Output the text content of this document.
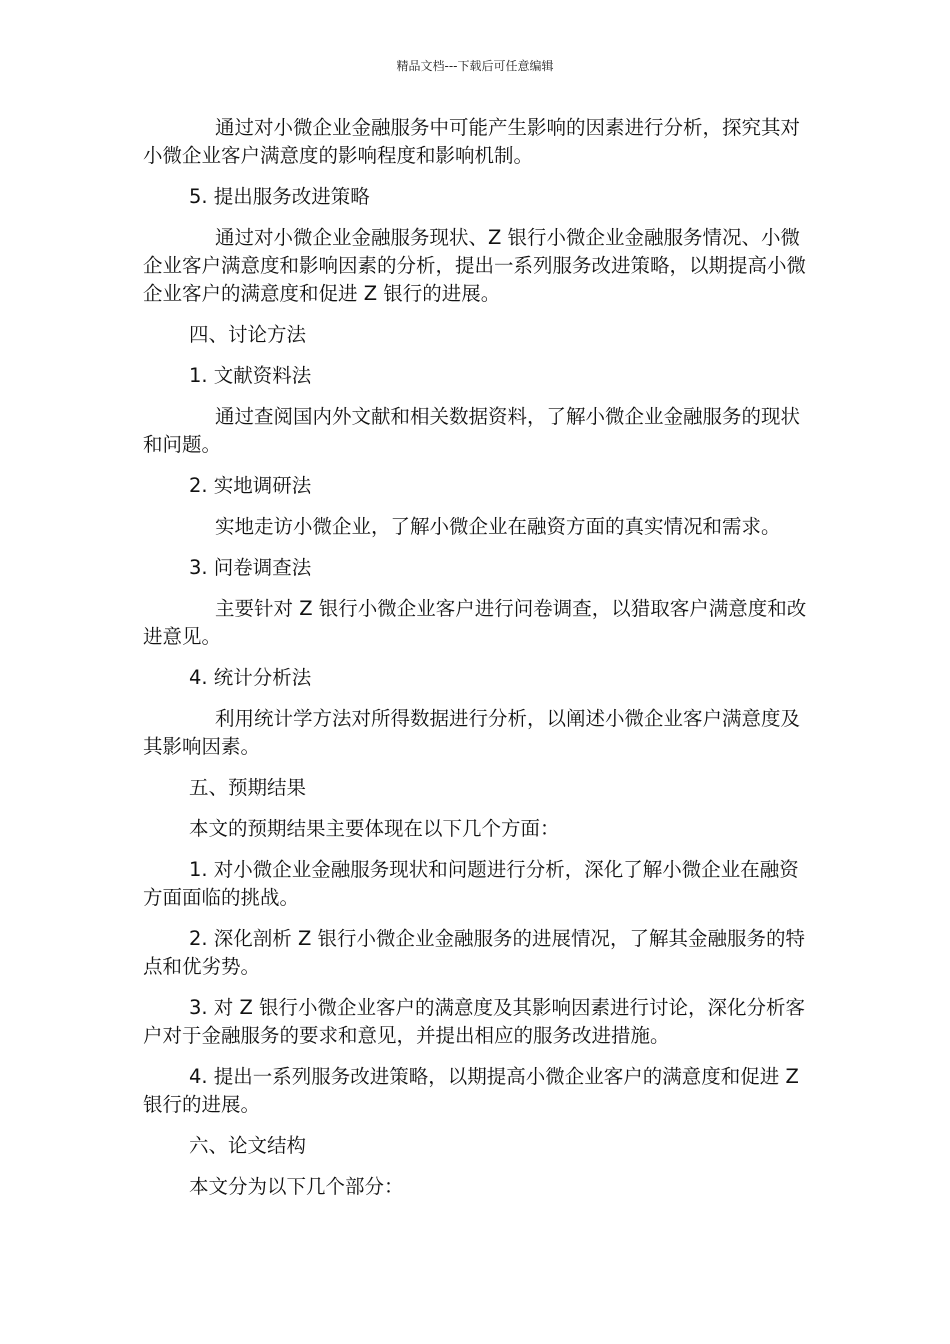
精品文档---下载后可任意编辑

通过对小微企业金融服务中可能产生影响的因素进行分析，探究其对小微企业客户满意度的影响程度和影响机制。

5. 提出服务改进策略

通过对小微企业金融服务现状、Z 银行小微企业金融服务情况、小微企业客户满意度和影响因素的分析，提出一系列服务改进策略，以期提高小微企业客户的满意度和促进 Z 银行的进展。

四、讨论方法

1. 文献资料法

通过查阅国内外文献和相关数据资料，了解小微企业金融服务的现状和问题。

2. 实地调研法

实地走访小微企业，了解小微企业在融资方面的真实情况和需求。

3. 问卷调查法

主要针对 Z 银行小微企业客户进行问卷调查，以猎取客户满意度和改进意见。

4. 统计分析法

利用统计学方法对所得数据进行分析，以阐述小微企业客户满意度及其影响因素。

五、预期结果

本文的预期结果主要体现在以下几个方面：

1. 对小微企业金融服务现状和问题进行分析，深化了解小微企业在融资方面面临的挑战。

2. 深化剖析 Z 银行小微企业金融服务的进展情况，了解其金融服务的特点和优劣势。

3. 对 Z 银行小微企业客户的满意度及其影响因素进行讨论，深化分析客户对于金融服务的要求和意见，并提出相应的服务改进措施。

4. 提出一系列服务改进策略，以期提高小微企业客户的满意度和促进 Z 银行的进展。

六、论文结构

本文分为以下几个部分：
